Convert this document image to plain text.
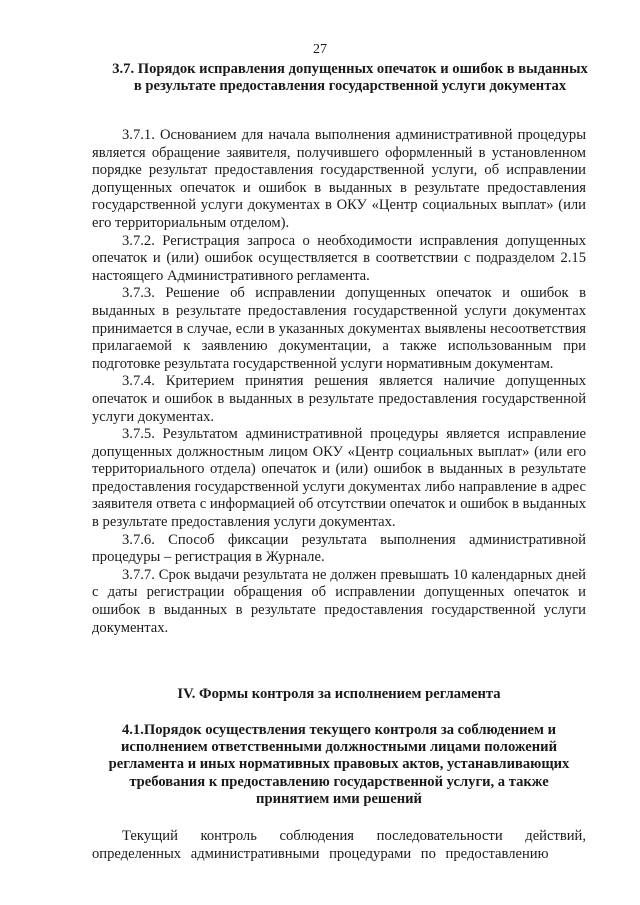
27
3.7. Порядок исправления допущенных опечаток и ошибок в выданных в результате предоставления государственной услуги документах

3.7.1. Основанием для начала выполнения административной процедуры является обращение заявителя, получившего оформленный в установленном порядке результат предоставления государственной услуги, об исправлении допущенных опечаток и ошибок в выданных в результате предоставления государственной услуги документах в ОКУ «Центр социальных выплат» (или его территориальным отделом).

3.7.2. Регистрация запроса о необходимости исправления допущенных опечаток и (или) ошибок осуществляется в соответствии с подразделом 2.15 настоящего Административного регламента.

3.7.3. Решение об исправлении допущенных опечаток и ошибок в выданных в результате предоставления государственной услуги документах принимается в случае, если в указанных документах выявлены несоответствия прилагаемой к заявлению документации, а также использованным при подготовке результата государственной услуги нормативным документам.

3.7.4. Критерием принятия решения является наличие допущенных опечаток и ошибок в выданных в результате предоставления государственной услуги документах.

3.7.5. Результатом административной процедуры является исправление допущенных должностным лицом ОКУ «Центр социальных выплат» (или его территориального отдела) опечаток и (или) ошибок в выданных в результате предоставления государственной услуги документах либо направление в адрес заявителя ответа с информацией об отсутствии опечаток и ошибок в выданных в результате предоставления услуги документах.

3.7.6. Способ фиксации результата выполнения административной процедуры – регистрация в Журнале.

3.7.7. Срок выдачи результата не должен превышать 10 календарных дней с даты регистрации обращения об исправлении допущенных опечаток и ошибок в выданных в результате предоставления государственной услуги документах.

IV. Формы контроля за исполнением регламента
4.1.Порядок осуществления текущего контроля за соблюдением и исполнением ответственными должностными лицами положений регламента и иных нормативных правовых актов, устанавливающих требования к предоставлению государственной услуги, а также принятием ими решений

Текущий контроль соблюдения последовательности действий, определенных административными процедурами по предоставлению
